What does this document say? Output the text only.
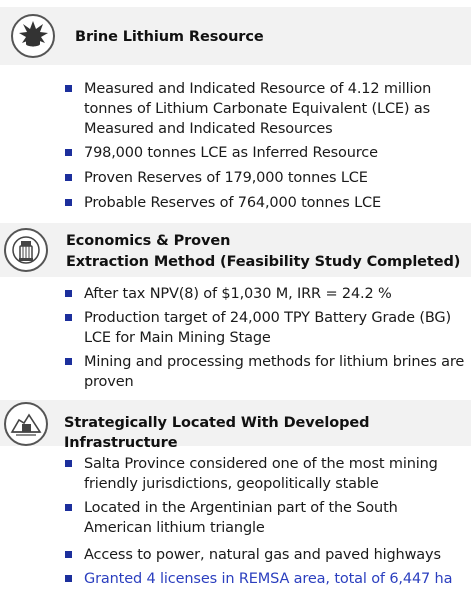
Brine Lithium Resource
Measured and Indicated Resource of 4.12 million tonnes of Lithium Carbonate Equivalent (LCE) as Measured and Indicated Resources
798,000 tonnes LCE as Inferred Resource
Proven Reserves of 179,000 tonnes LCE
Probable Reserves of 764,000 tonnes LCE
Economics & Proven
Extraction Method (Feasibility Study Completed)
After tax NPV(8) of $1,030 M, IRR = 24.2 %
Production target of 24,000 TPY Battery Grade (BG) LCE for Main Mining Stage
Mining and processing methods for lithium brines are proven
Strategically Located With Developed Infrastructure
Salta Province considered one of the most mining friendly jurisdictions, geopolitically stable
Located in the Argentinian part of the South American lithium triangle
Access to power, natural gas and paved highways
Granted 4 licenses in REMSA area, total of 6,447 ha
